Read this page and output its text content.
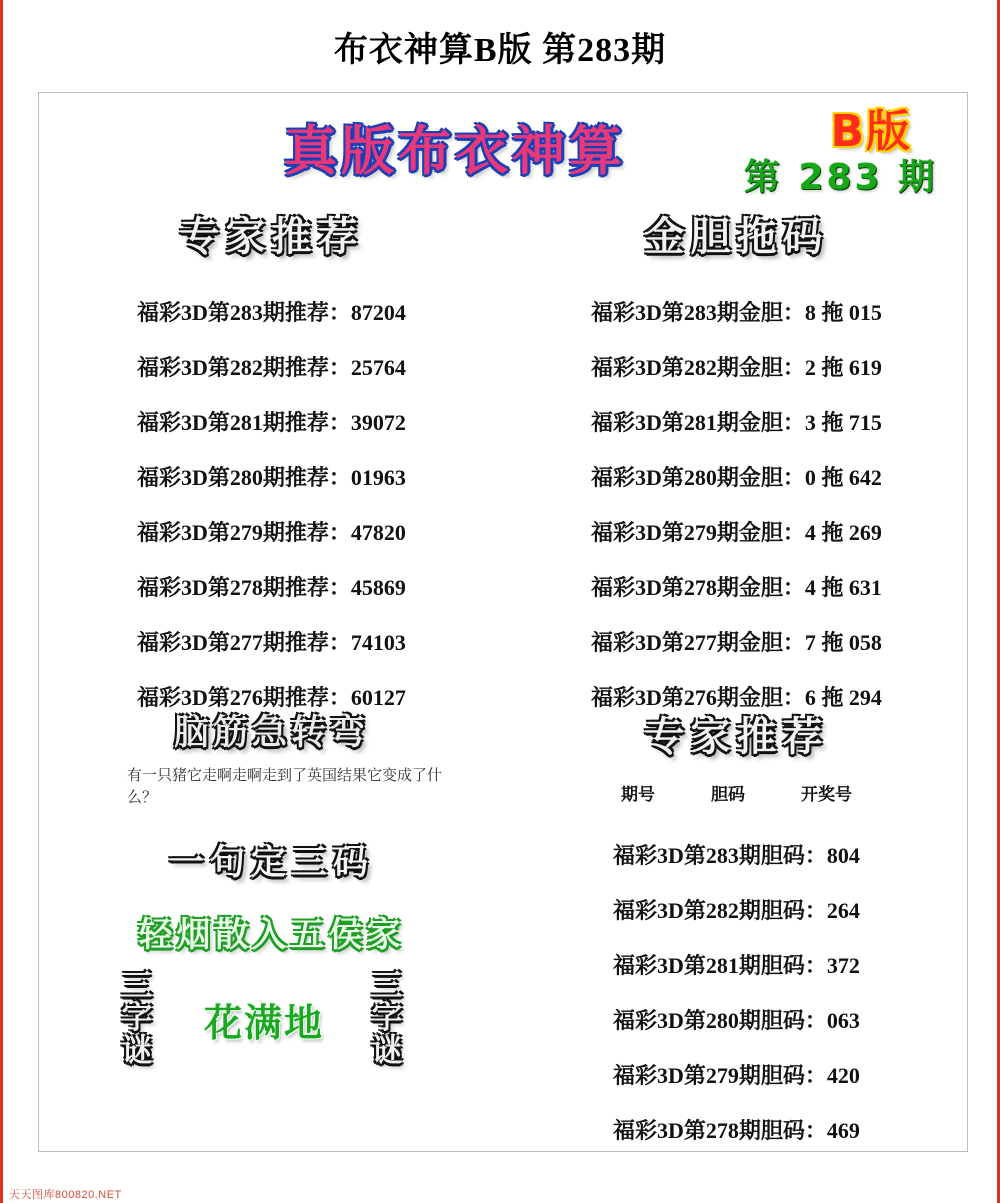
布衣神算B版 第283期
真版布衣神算	B版
第 283 期
专家推荐
福彩3D第283期推荐：87204
福彩3D第282期推荐：25764
福彩3D第281期推荐：39072
福彩3D第280期推荐：01963
福彩3D第279期推荐：47820
福彩3D第278期推荐：45869
福彩3D第277期推荐：74103
福彩3D第276期推荐：60127
金胆拖码
福彩3D第283期金胆：8 拖 015
福彩3D第282期金胆：2 拖 619
福彩3D第281期金胆：3 拖 715
福彩3D第280期金胆：0 拖 642
福彩3D第279期金胆：4 拖 269
福彩3D第278期金胆：4 拖 631
福彩3D第277期金胆：7 拖 058
福彩3D第276期金胆：6 拖 294
脑筋急转弯
有一只猪它走啊走啊走到了英国结果它变成了什么？
一句定三码
轻烟散入五侯家
三
字
谜
花满地
三
字
谜
专家推荐
期号	胆码	开奖号
福彩3D第283期胆码：804
福彩3D第282期胆码：264
福彩3D第281期胆码：372
福彩3D第280期胆码：063
福彩3D第279期胆码：420
福彩3D第278期胆码：469
天天图库800820.NET
